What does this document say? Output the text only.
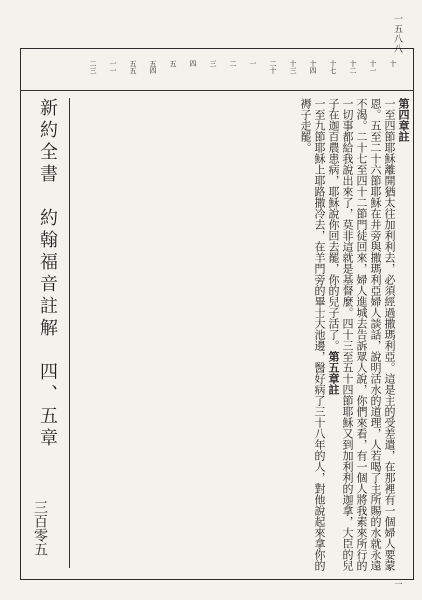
一五八八
十
十一
十二
十七
十四
十三
二十
一
二
三
四
五
五四
五五
一一
二三
新約全書　約翰福音註解　四、五章
三百零五
第四章註
一至四節耶穌離開猶太往加利利去，必須經過撒瑪利亞。這是主的受差遣，在那裡有一個婦人要蒙恩。五至二十六節耶穌在井旁與撒瑪利亞婦人談話，說明活水的道理，人若喝了主所賜的水就永遠不渴。二十七至四十二節門徒回來，婦人進城去告訴眾人說，你們來看，有一個人將我素來所行的一切事都給我說出來了，莫非這就是基督麼。四十三至五十四節耶穌又到加利利的迦拿，大臣的兒子在迦百農患病，耶穌說你回去罷，你的兒子活了。第五章註
一至九節耶穌上耶路撒冷去，在羊門旁的畢士大池邊，醫好病了三十八年的人，對他說起來拿你的褥子走罷。
一
